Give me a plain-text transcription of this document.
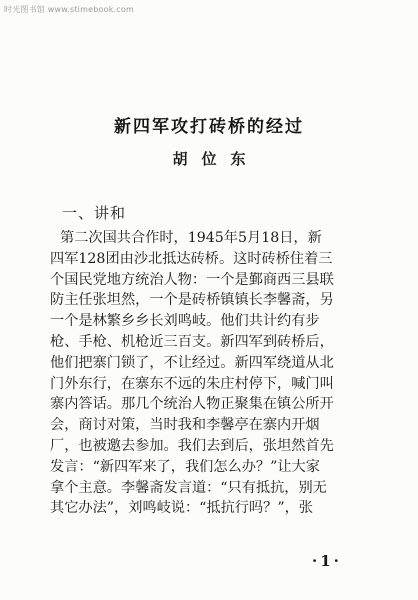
时光图书馆 www.stimebook.com
新四军攻打砖桥的经过
胡位东
一、讲和
第二次国共合作时，1945年5月18日，新
四军128团由沙北抵达砖桥。这时砖桥住着三
个国民党地方统治人物：一个是鄞商西三县联
防主任张坦然，一个是砖桥镇镇长李馨斋，另
一个是林繁乡乡长刘鸣岐。他们共计约有步
枪、手枪、机枪近三百支。新四军到砖桥后，
他们把寨门锁了，不让经过。新四军绕道从北
门外东行，在寨东不远的朱庄村停下，喊门叫
寨内答话。那几个统治人物正聚集在镇公所开
会，商讨对策，当时我和李馨亭在寨内开烟
厂，也被邀去参加。我们去到后，张坦然首先
发言：“新四军来了，我们怎么办？”让大家
拿个主意。李馨斋发言道：“只有抵抗，别无
其它办法”，刘鸣岐说：“抵抗行吗？”，张
·1·
